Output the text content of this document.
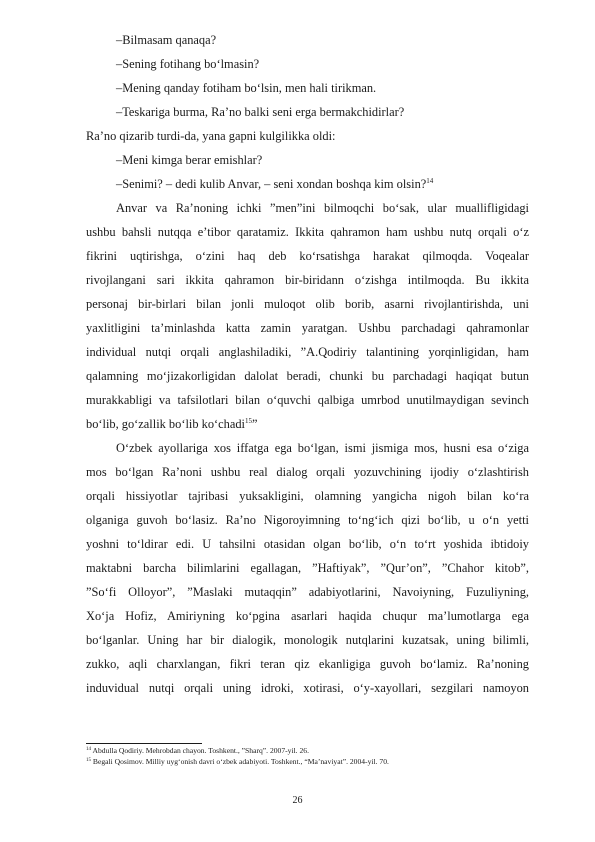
–Bilmasam qanaqa?
–Sening fotihang bo‘lmasin?
–Mening qanday fotiham bo‘lsin, men hali tirikman.
–Teskariga burma, Ra’no balki seni erga bermakchidirlar?
Ra’no qizarib turdi-da, yana gapni kulgilikka oldi:
–Meni kimga berar emishlar?
–Senimi? – dedi kulib Anvar, – seni xondan boshqa kim olsin?$^{14}$
Anvar va Ra’noning ichki ”men”ini bilmoqchi bo‘sak, ular muallifligidagi
ushbu bahsli nutqqa e’tibor qaratamiz. Ikkita qahramon ham ushbu nutq orqali o‘z
fikrini uqtirishga, o‘zini haq deb ko‘rsatishga harakat qilmoqda. Voqealar
rivojlangani sari ikkita qahramon bir-biridann o‘zishga intilmoqda. Bu ikkita
personaj bir-birlari bilan jonli muloqot olib borib, asarni rivojlantirishda, uni
yaxlitligini ta’minlashda katta zamin yaratgan. Ushbu parchadagi qahramonlar
individual nutqi orqali anglashiladiki, ”A.Qodiriy talantining yorqinligidan, ham
qalamning mo‘jizakorligidan dalolat beradi, chunki bu parchadagi haqiqat butun
murakkabligi va tafsilotlari bilan o‘quvchi qalbiga umrbod unutilmaydigan sevinch
bo‘lib, go‘zallik bo‘lib ko‘chadi$^{15}$”
O‘zbek ayollariga xos iffatga ega bo‘lgan, ismi jismiga mos, husni esa o‘ziga
mos bo‘lgan Ra’noni ushbu real dialog orqali yozuvchining ijodiy o‘zlashtirish
orqali hissiyotlar tajribasi yuksakligini, olamning yangicha nigoh bilan ko‘ra
olganiga guvoh bo‘lasiz. Ra’no Nigoroyimning to‘ng‘ich qizi bo‘lib, u o‘n yetti
yoshni to‘ldirar edi. U tahsilni otasidan olgan bo‘lib, o‘n to‘rt yoshida ibtidoiy
maktabni barcha bilimlarini egallagan, ”Haftiyak”, ”Qur’on”, ”Chahor kitob”,
”So‘fi Olloyor”, ”Maslaki mutaqqin” adabiyotlarini, Navoiyning, Fuzuliyning,
Xo‘ja Hofiz, Amiriyning ko‘pgina asarlari haqida chuqur ma’lumotlarga ega
bo‘lganlar. Uning har bir dialogik, monologik nutqlarini kuzatsak, uning bilimli,
zukko, aqli charxlangan, fikri teran qiz ekanligiga guvoh bo‘lamiz. Ra’noning
induvidual nutqi orqali uning idroki, xotirasi, o‘y-xayollari, sezgilari namoyon
$^{14}$ Abdulla Qodiriy. Mehrobdan chayon. Toshkent., ”Sharq”. 2007-yil. 26.
$^{15}$ Begali Qosimov. Milliy uyg‘onish davri o‘zbek adabiyoti. Toshkent., “Ma’naviyat”. 2004-yil. 70.
26
